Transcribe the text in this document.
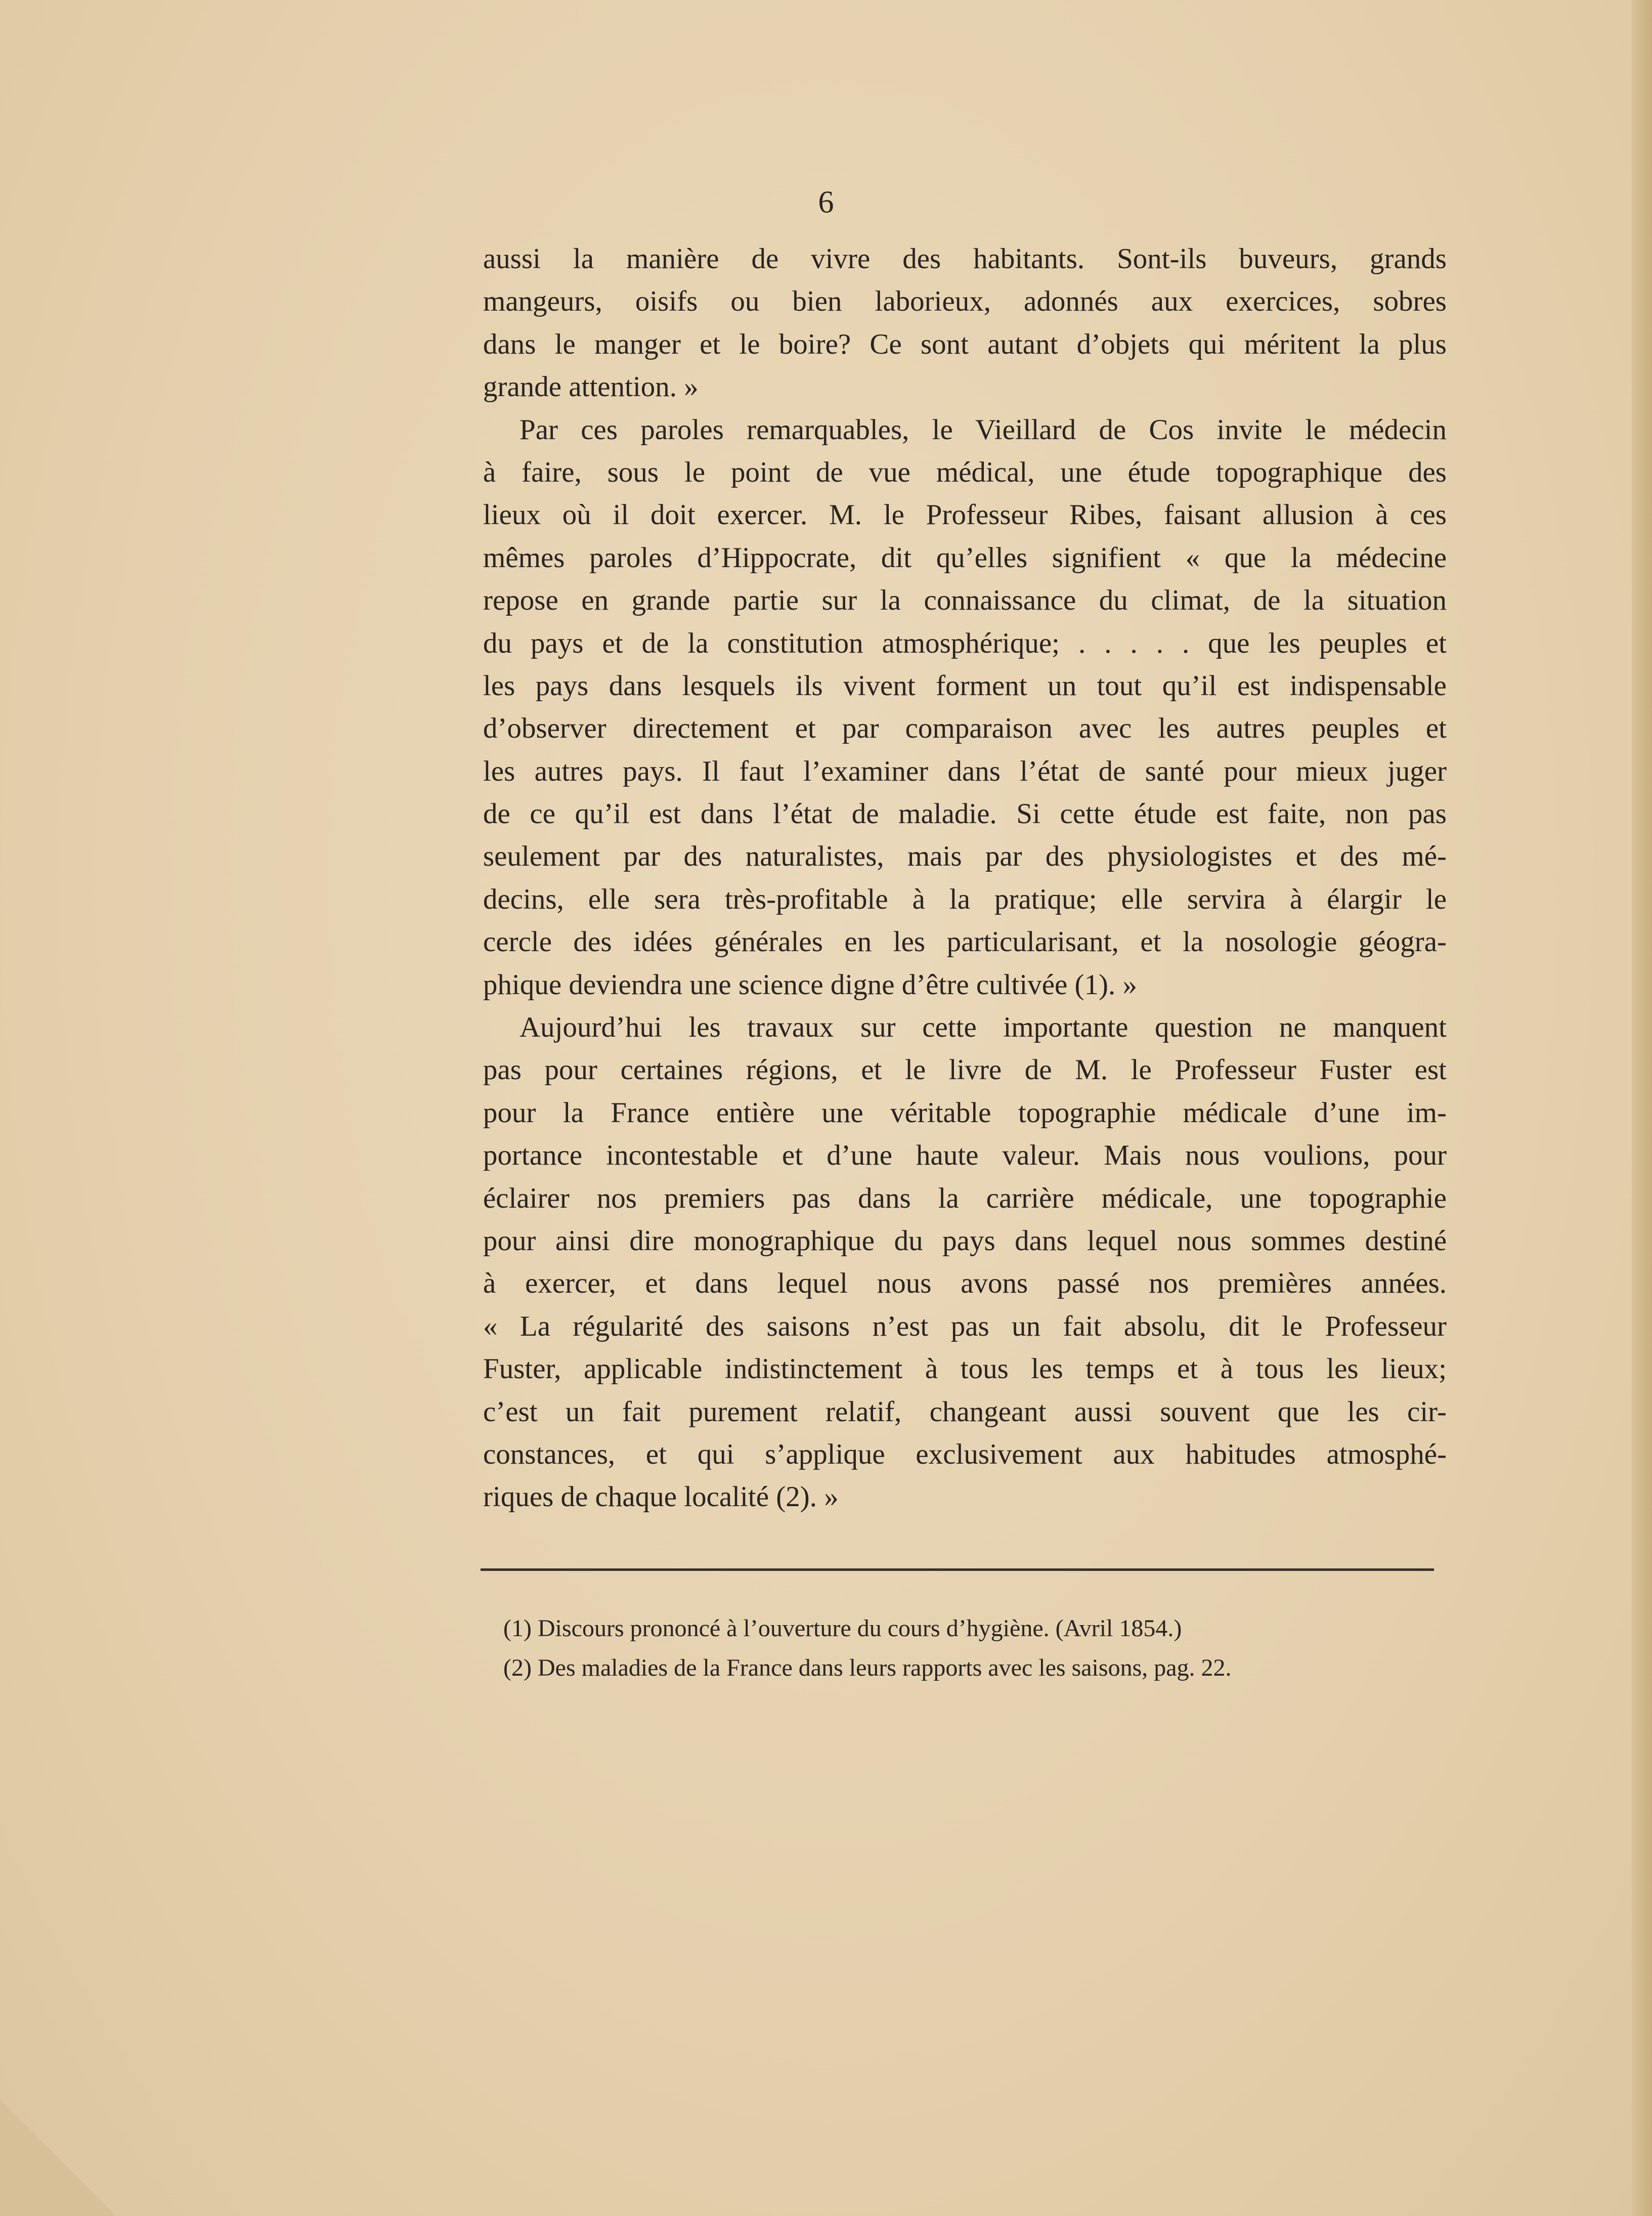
6
aussi la manière de vivre des habitants. Sont-ils buveurs, grands
mangeurs, oisifs ou bien laborieux, adonnés aux exercices, sobres
dans le manger et le boire? Ce sont autant d’objets qui méritent la plus
grande attention. »
Par ces paroles remarquables, le Vieillard de Cos invite le médecin
à faire, sous le point de vue médical, une étude topographique des
lieux où il doit exercer. M. le Professeur Ribes, faisant allusion à ces
mêmes paroles d’Hippocrate, dit qu’elles signifient « que la médecine
repose en grande partie sur la connaissance du climat, de la situation
du pays et de la constitution atmosphérique; . . . . . que les peuples et
les pays dans lesquels ils vivent forment un tout qu’il est indispensable
d’observer directement et par comparaison avec les autres peuples et
les autres pays. Il faut l’examiner dans l’état de santé pour mieux juger
de ce qu’il est dans l’état de maladie. Si cette étude est faite, non pas
seulement par des naturalistes, mais par des physiologistes et des mé-
decins, elle sera très-profitable à la pratique; elle servira à élargir le
cercle des idées générales en les particularisant, et la nosologie géogra-
phique deviendra une science digne d’être cultivée (1). »
Aujourd’hui les travaux sur cette importante question ne manquent
pas pour certaines régions, et le livre de M. le Professeur Fuster est
pour la France entière une véritable topographie médicale d’une im-
portance incontestable et d’une haute valeur. Mais nous voulions, pour
éclairer nos premiers pas dans la carrière médicale, une topographie
pour ainsi dire monographique du pays dans lequel nous sommes destiné
à exercer, et dans lequel nous avons passé nos premières années.
« La régularité des saisons n’est pas un fait absolu, dit le Professeur
Fuster, applicable indistinctement à tous les temps et à tous les lieux;
c’est un fait purement relatif, changeant aussi souvent que les cir-
constances, et qui s’applique exclusivement aux habitudes atmosphé-
riques de chaque localité (2). »
(1) Discours prononcé à l’ouverture du cours d’hygiène. (Avril 1854.)
(2) Des maladies de la France dans leurs rapports avec les saisons, pag. 22.
